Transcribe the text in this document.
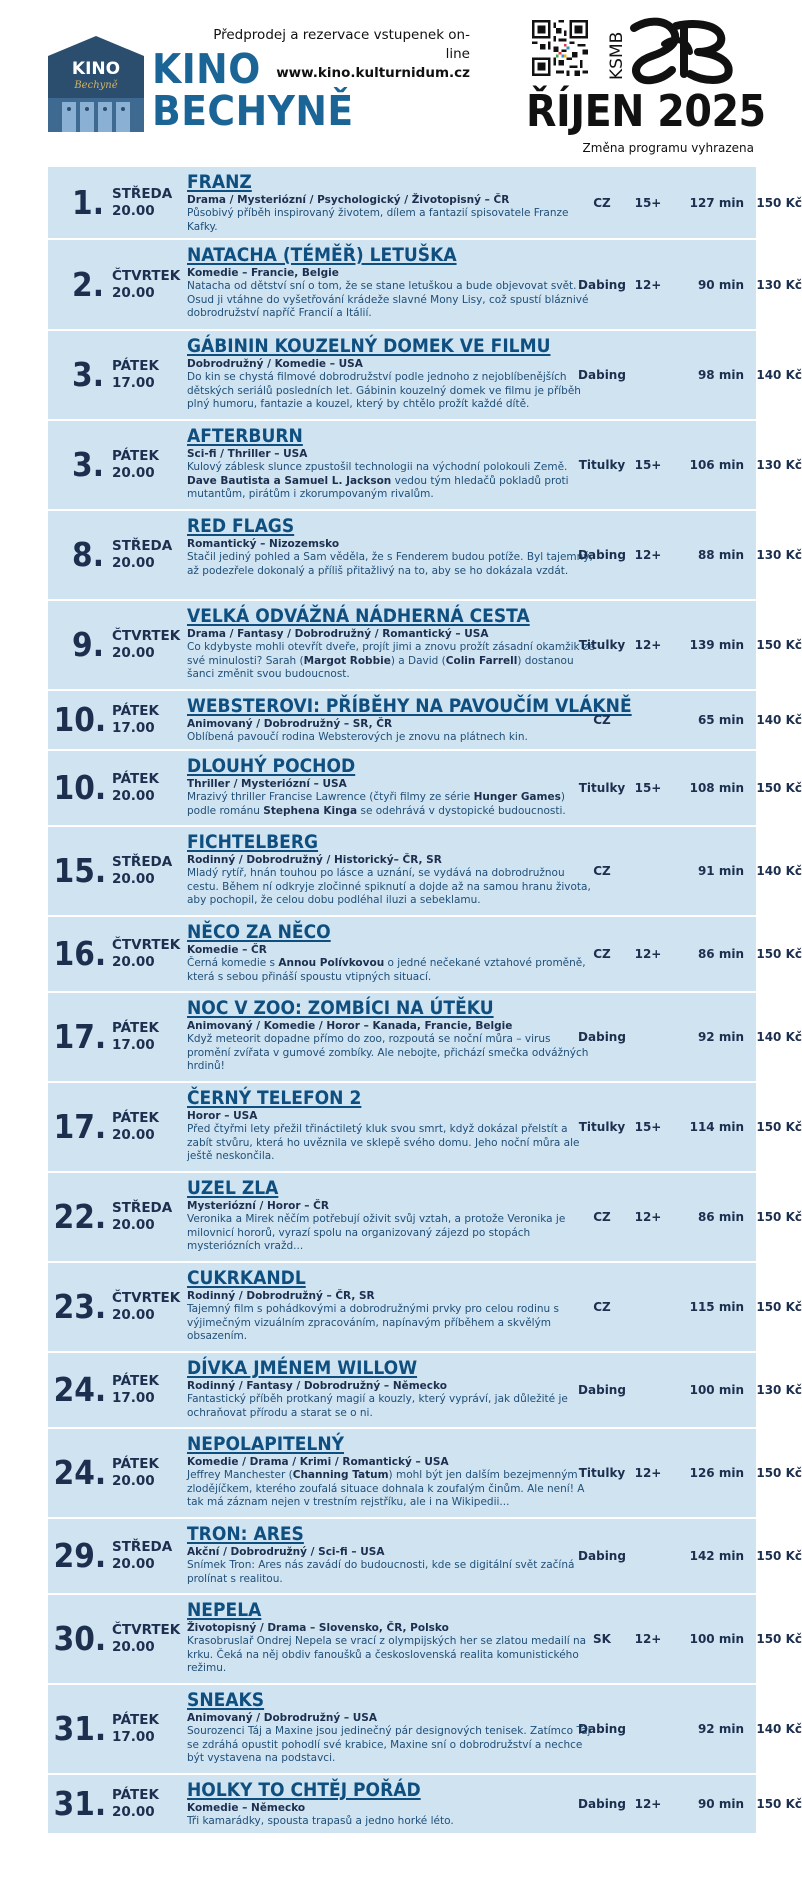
KINO
Bechyně KINO
BECHYNĚ
Předprodej a rezervace vstupenek on-line
www.kino.kulturnidum.cz	KSMB
ŘÍJEN 2025
Změna programu vyhrazena
1. STŘEDA
20.00
FRANZ
Drama / Mysteriózní / Psychologický / Životopisný – ČR
Působivý příběh inspirovaný životem, dílem a fantazií spisovatele Franze Kafky.
CZ	15+	127 min	150 Kč
2. ČTVRTEK
20.00
NATACHA (TÉMĚŘ) LETUŠKA
Komedie – Francie, Belgie
Natacha od dětství sní o tom, že se stane letuškou a bude objevovat svět. Osud ji vtáhne do vyšetřování krádeže slavné Mony Lisy, což spustí bláznivé dobrodružství napříč Francií a Itálií.
Dabing 12+	90 min	130 Kč
3. PÁTEK
17.00
GÁBININ KOUZELNÝ DOMEK VE FILMU
Dobrodružný / Komedie – USA
Do kin se chystá filmové dobrodružství podle jednoho z nejoblíbenějších dětských seriálů posledních let. Gábinin kouzelný domek ve filmu je příběh plný humoru, fantazie a kouzel, který by chtělo prožít každé dítě.
Dabing	98 min	140 Kč
3. PÁTEK
20.00
AFTERBURN
Sci-fi / Thriller – USA
Kulový záblesk slunce zpustošil technologii na východní polokouli Země. Dave Bautista a Samuel L. Jackson vedou tým hledačů pokladů proti mutantům, pirátům i zkorumpovaným rivalům.
Titulky 15+	106 min	130 Kč
8. STŘEDA
20.00
RED FLAGS
Romantický – Nizozemsko
Stačil jediný pohled a Sam věděla, že s Fenderem budou potíže. Byl tajemný, až podezřele dokonalý a příliš přitažlivý na to, aby se ho dokázala vzdát.
Dabing 12+	88 min	130 Kč
9. ČTVRTEK
20.00
VELKÁ ODVÁŽNÁ NÁDHERNÁ CESTA
Drama / Fantasy / Dobrodružný / Romantický – USA
Co kdybyste mohli otevřít dveře, projít jimi a znovu prožít zásadní okamžik ze své minulosti? Sarah (Margot Robbie) a David (Colin Farrell) dostanou šanci změnit svou budoucnost.
Titulky 12+	139 min	150 Kč
10. PÁTEK
17.00
WEBSTEROVI: PŘÍBĚHY NA PAVOUČÍM VLÁKNĚ
Animovaný / Dobrodružný – SR, ČR
Oblíbená pavoučí rodina Websterových je znovu na plátnech kin.
CZ	65 min	140 Kč
10. PÁTEK
20.00
DLOUHÝ POCHOD
Thriller / Mysteriózní – USA
Mrazivý thriller Francise Lawrence (čtyři filmy ze série Hunger Games) podle románu Stephena Kinga se odehrává v dystopické budoucnosti.
Titulky 15+	108 min	150 Kč
15. STŘEDA
20.00
FICHTELBERG
Rodinný / Dobrodružný / Historický– ČR, SR
Mladý rytíř, hnán touhou po lásce a uznání, se vydává na dobrodružnou cestu. Během ní odkryje zločinné spiknutí a dojde až na samou hranu života, aby pochopil, že celou dobu podléhal iluzi a sebeklamu.
CZ	91 min	140 Kč
16. ČTVRTEK
20.00
NĚCO ZA NĚCO
Komedie – ČR
Černá komedie s Annou Polívkovou o jedné nečekané vztahové proměně, která s sebou přináší spoustu vtipných situací.
CZ	12+	86 min	150 Kč
17. PÁTEK
17.00
NOC V ZOO: ZOMBÍCI NA ÚTĚKU
Animovaný / Komedie / Horor – Kanada, Francie, Belgie
Když meteorit dopadne přímo do zoo, rozpoutá se noční můra – virus promění zvířata v gumové zombíky. Ale nebojte, přichází smečka odvážných hrdinů!
Dabing	92 min	140 Kč
17. PÁTEK
20.00
ČERNÝ TELEFON 2
Horor – USA
Před čtyřmi lety přežil třináctiletý kluk svou smrt, když dokázal přelstít a zabít stvůru, která ho uvěznila ve sklepě svého domu. Jeho noční můra ale ještě neskončila.
Titulky 15+	114 min	150 Kč
22. STŘEDA
20.00
UZEL ZLA
Mysteriózní / Horor – ČR
Veronika a Mirek něčím potřebují oživit svůj vztah, a protože Veronika je milovnicí hororů, vyrazí spolu na organizovaný zájezd po stopách mysteriózních vražd...
CZ	12+	86 min	150 Kč
23. ČTVRTEK
20.00
CUKRKANDL
Rodinný / Dobrodružný – ČR, SR
Tajemný film s pohádkovými a dobrodružnými prvky pro celou rodinu s výjimečným vizuálním zpracováním, napínavým příběhem a skvělým obsazením.
CZ	115 min	150 Kč
24. PÁTEK
17.00
DÍVKA JMÉNEM WILLOW
Rodinný / Fantasy / Dobrodružný – Německo
Fantastický příběh protkaný magií a kouzly, který vypráví, jak důležité je ochraňovat přírodu a starat se o ni.
Dabing	100 min	130 Kč
24. PÁTEK
20.00
NEPOLAPITELNÝ
Komedie / Drama / Krimi / Romantický – USA
Jeffrey Manchester (Channing Tatum) mohl být jen dalším bezejmenným zlodějíčkem, kterého zoufalá situace dohnala k zoufalým činům. Ale není! A tak má záznam nejen v trestním rejstříku, ale i na Wikipedii...
Titulky 12+	126 min	150 Kč
29. STŘEDA
20.00
TRON: ARES
Akční / Dobrodružný / Sci-fi – USA
Snímek Tron: Ares nás zavádí do budoucnosti, kde se digitální svět začíná prolínat s realitou.
Dabing	142 min	150 Kč
30. ČTVRTEK
20.00
NEPELA
Životopisný / Drama – Slovensko, ČR, Polsko
Krasobruslař Ondrej Nepela se vrací z olympijských her se zlatou medailí na krku. Čeká na něj obdiv fanoušků a československá realita komunistického režimu.
SK	12+	100 min	150 Kč
31. PÁTEK
17.00
SNEAKS
Animovaný / Dobrodružný – USA
Sourozenci Táj a Maxine jsou jedinečný pár designových tenisek. Zatímco Táj se zdráhá opustit pohodlí své krabice, Maxine sní o dobrodružství a nechce být vystavena na podstavci.
Dabing	92 min	140 Kč
31. PÁTEK
20.00
HOLKY TO CHTĚJ POŘÁD
Komedie – Německo
Tři kamarádky, spousta trapasů a jedno horké léto.
Dabing 12+	90 min	150 Kč
